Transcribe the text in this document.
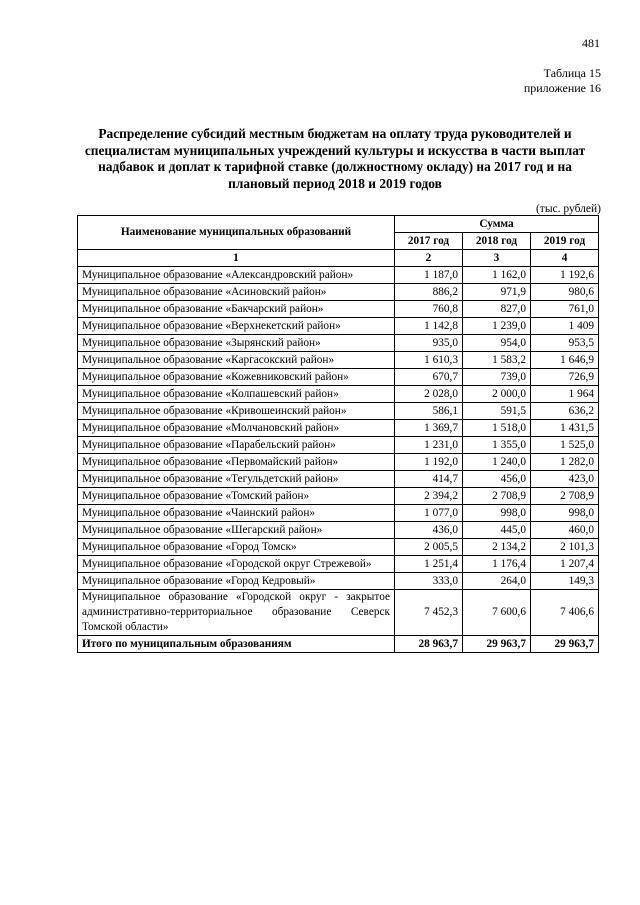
481
Таблица 15
приложение 16
Распределение субсидий местным бюджетам на оплату труда руководителей и специалистам муниципальных учреждений культуры и искусства в части выплат надбавок и доплат к тарифной ставке (должностному окладу) на 2017 год и на плановый период 2018 и 2019 годов
(тыс. рублей)
Наименование муниципальных образований	Сумма		
	2017 год	2018 год	2019 год
1	2	3	4
Муниципальное образование «Александровский район»	1 187,0	1 162,0	1 192,6
Муниципальное образование «Асиновский район»	886,2	971,9	980,6
Муниципальное образование «Бакчарский район»	760,8	827,0	761,0
Муниципальное образование «Верхнекетский район»	1 142,8	1 239,0	1 409
Муниципальное образование «Зырянский район»	935,0	954,0	953,5
Муниципальное образование «Каргасокский район»	1 610,3	1 583,2	1 646,9
Муниципальное образование «Кожевниковский район»	670,7	739,0	726,9
Муниципальное образование «Колпашевский район»	2 028,0	2 000,0	1 964
Муниципальное образование «Кривошеинский район»	586,1	591,5	636,2
Муниципальное образование «Молчановский район»	1 369,7	1 518,0	1 431,5
Муниципальное образование «Парабельский район»	1 231,0	1 355,0	1 525,0
Муниципальное образование «Первомайский район»	1 192,0	1 240,0	1 282,0
Муниципальное образование «Тегульдетский район»	414,7	456,0	423,0
Муниципальное образование «Томский район»	2 394,2	2 708,9	2 708,9
Муниципальное образование «Чаинский район»	1 077,0	998,0	998,0
Муниципальное образование «Шегарский район»	436,0	445,0	460,0
Муниципальное образование «Город Томск»	2 005,5	2 134,2	2 101,3
Муниципальное образование «Городской округ Стрежевой»	1 251,4	1 176,4	1 207,4
Муниципальное образование «Город Кедровый»	333,0	264,0	149,3
Муниципальное образование «Городской округ - закрытое административно-территориальное образование Северск Томской области»	7 452,3	7 600,6	7 406,6
Итого по муниципальным образованиям	28 963,7	29 963,7	29 963,7
